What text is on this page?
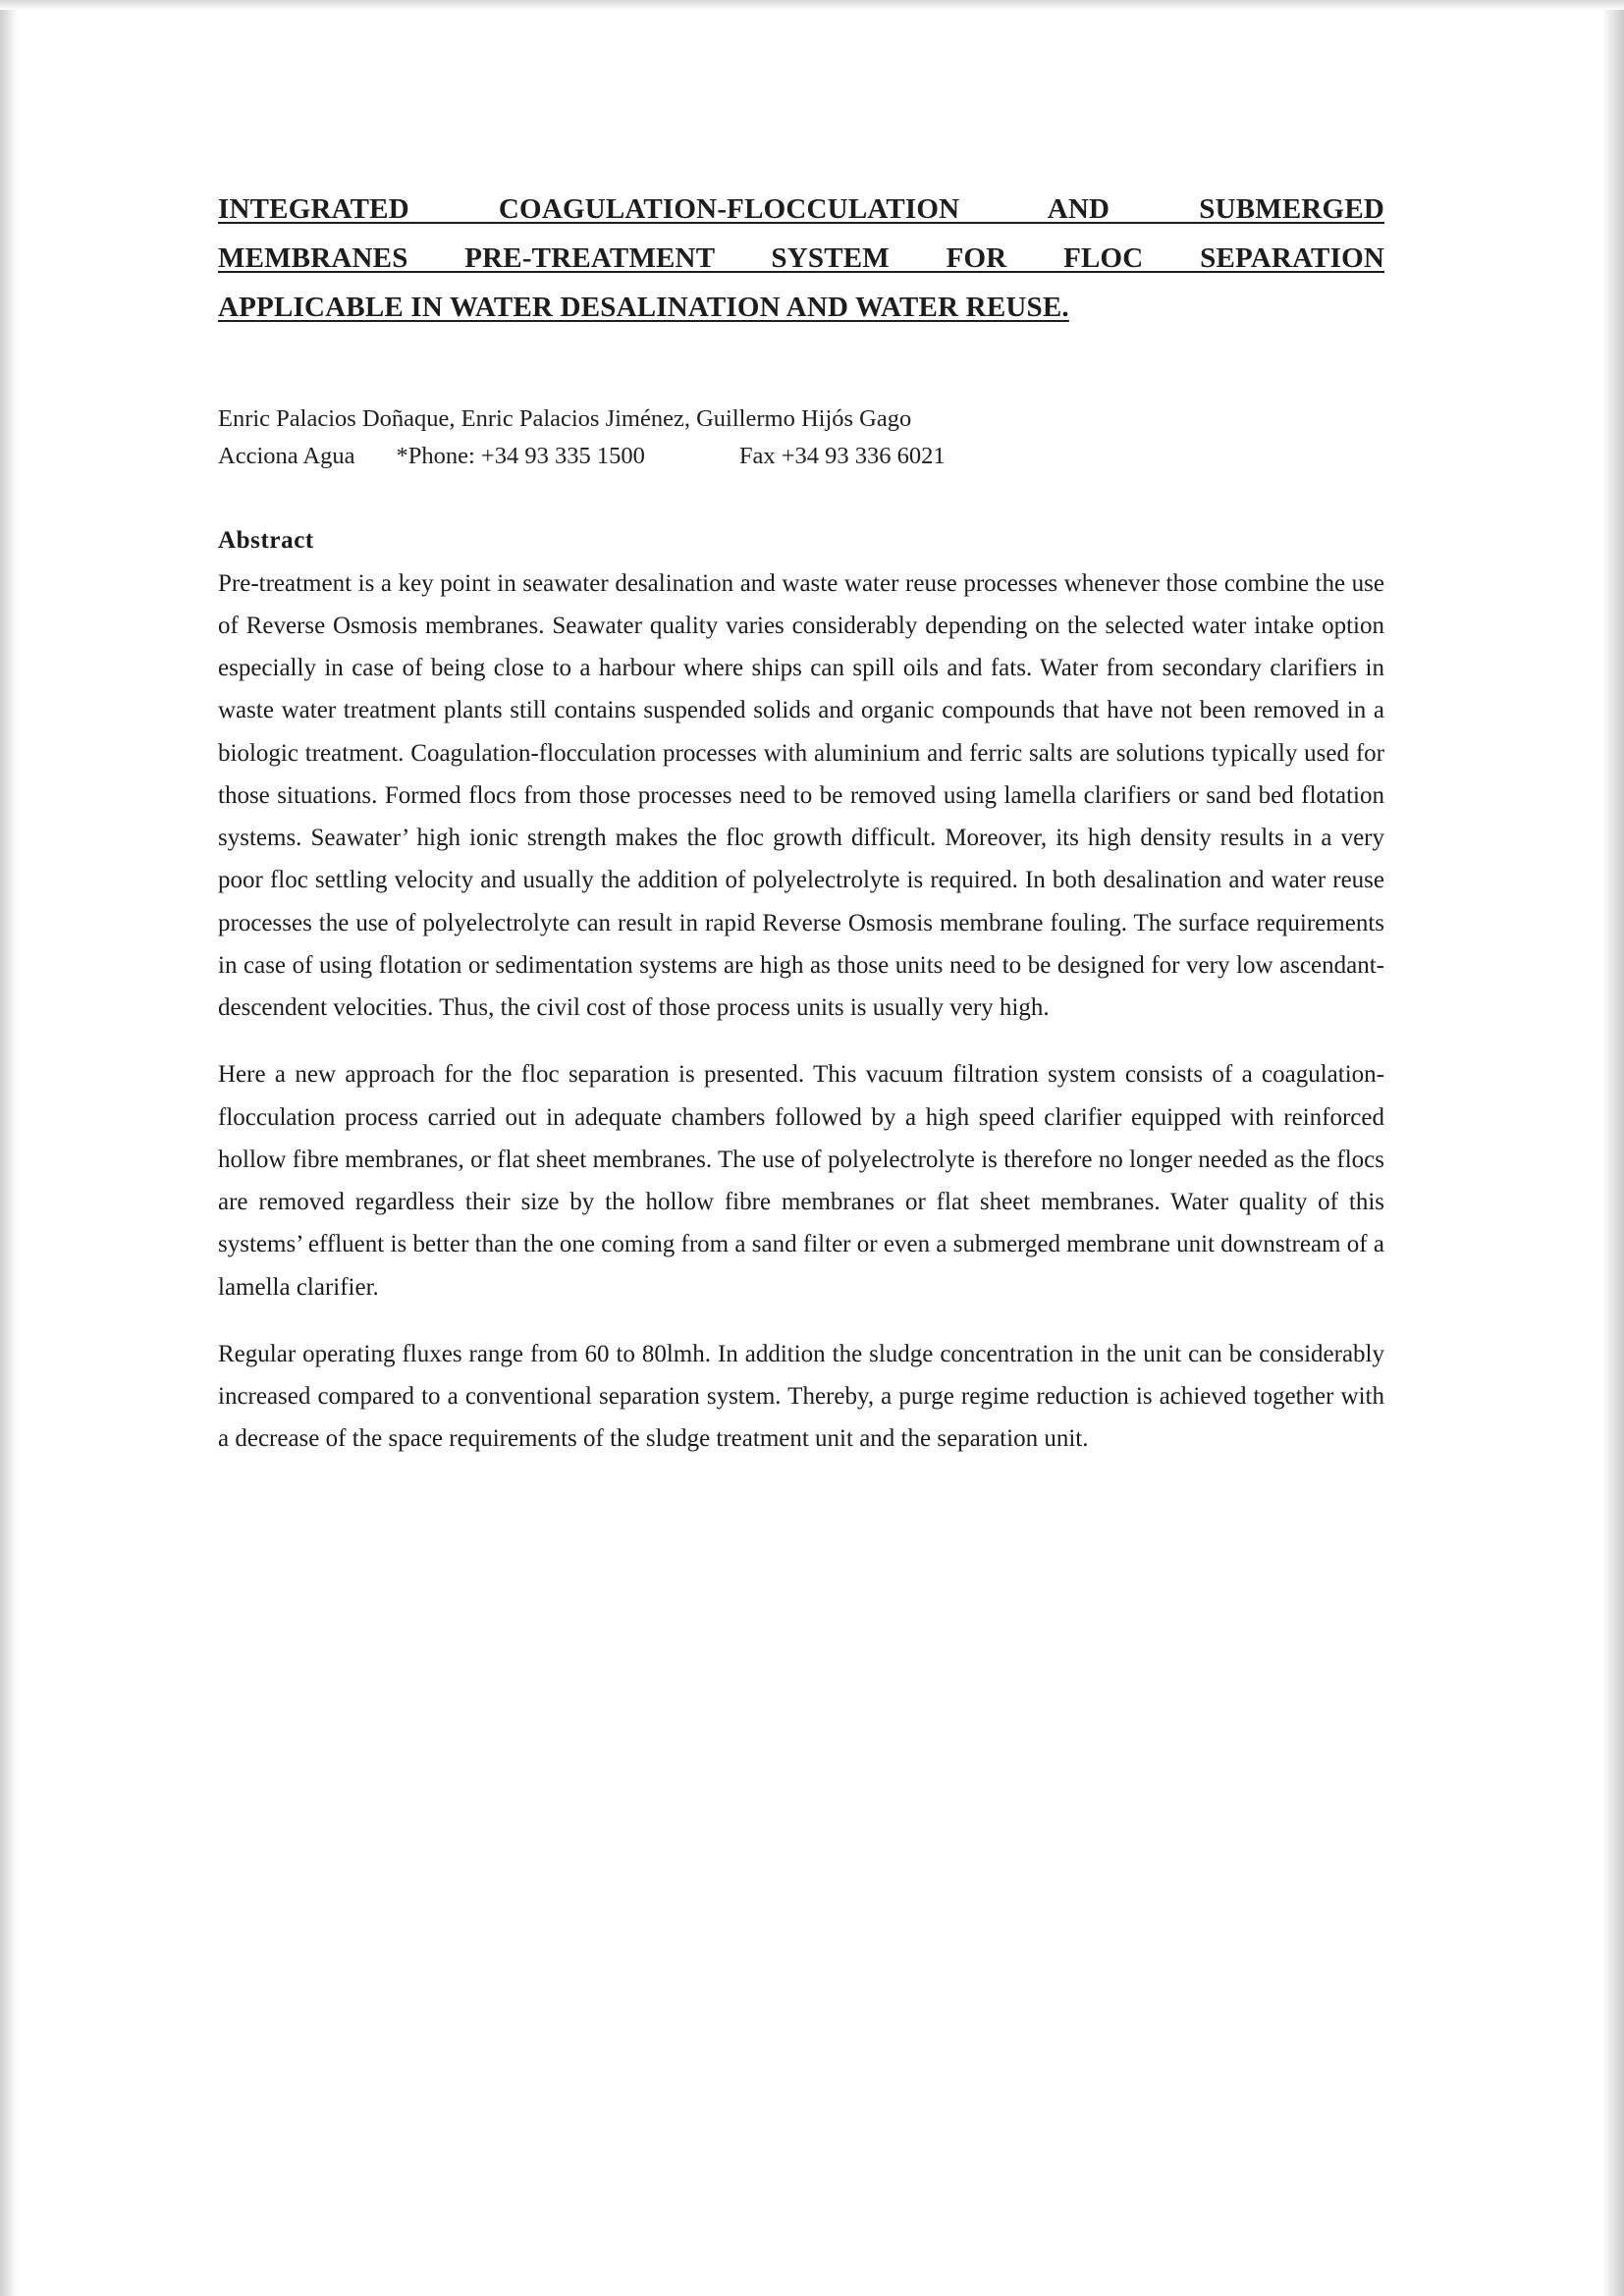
INTEGRATED COAGULATION-FLOCCULATION AND SUBMERGED
MEMBRANES PRE-TREATMENT SYSTEM FOR FLOC SEPARATION
APPLICABLE IN WATER DESALINATION AND WATER REUSE.
Enric Palacios Doñaque, Enric Palacios Jiménez, Guillermo Hijós Gago
Acciona Agua *Phone: +34 93 335 1500	Fax +34 93 336 6021
Abstract

Pre-treatment is a key point in seawater desalination and waste water reuse processes whenever those combine the use of Reverse Osmosis membranes. Seawater quality varies considerably depending on the selected water intake option especially in case of being close to a harbour where ships can spill oils and fats. Water from secondary clarifiers in waste water treatment plants still contains suspended solids and organic compounds that have not been removed in a biologic treatment. Coagulation-flocculation processes with aluminium and ferric salts are solutions typically used for those situations. Formed flocs from those processes need to be removed using lamella clarifiers or sand bed flotation systems. Seawater’ high ionic strength makes the floc growth difficult. Moreover, its high density results in a very poor floc settling velocity and usually the addition of polyelectrolyte is required. In both desalination and water reuse processes the use of polyelectrolyte can result in rapid Reverse Osmosis membrane fouling. The surface requirements in case of using flotation or sedimentation systems are high as those units need to be designed for very low ascendant-descendent velocities. Thus, the civil cost of those process units is usually very high.

Here a new approach for the floc separation is presented. This vacuum filtration system consists of a coagulation-flocculation process carried out in adequate chambers followed by a high speed clarifier equipped with reinforced hollow fibre membranes, or flat sheet membranes. The use of polyelectrolyte is therefore no longer needed as the flocs are removed regardless their size by the hollow fibre membranes or flat sheet membranes. Water quality of this systems’ effluent is better than the one coming from a sand filter or even a submerged membrane unit downstream of a lamella clarifier.

Regular operating fluxes range from 60 to 80lmh. In addition the sludge concentration in the unit can be considerably increased compared to a conventional separation system. Thereby, a purge regime reduction is achieved together with a decrease of the space requirements of the sludge treatment unit and the separation unit.
